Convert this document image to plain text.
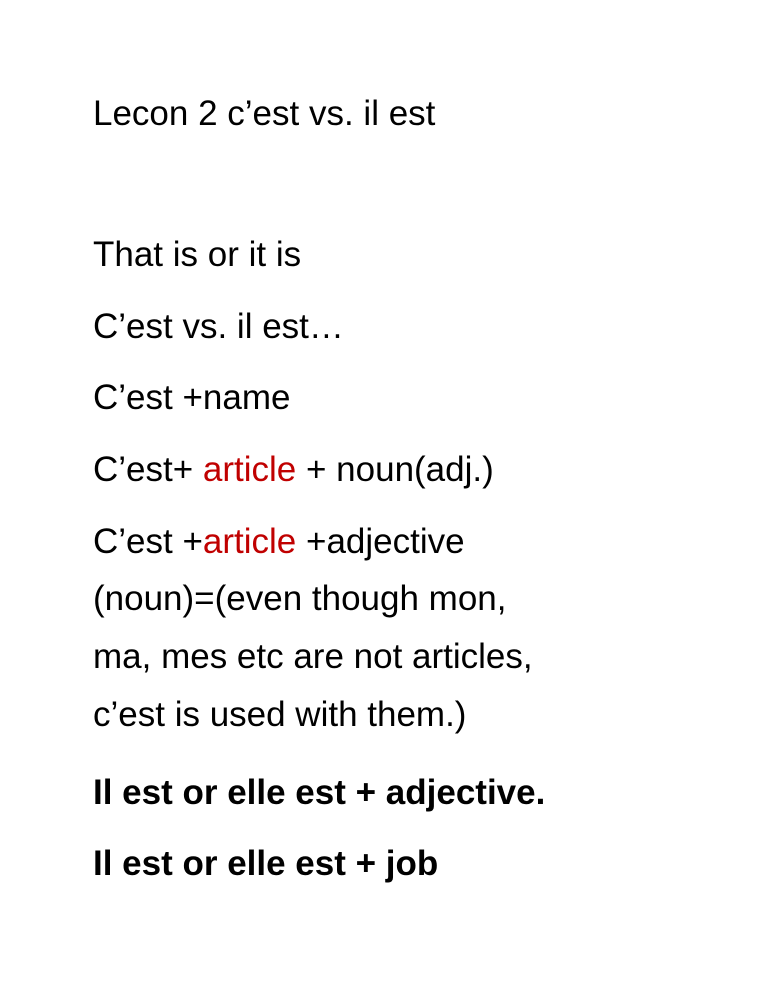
Lecon 2 c’est vs. il est

That is or it is

C’est vs. il est…

C’est +name

C’est+ article + noun(adj.)

C’est +article +adjective

(noun)=(even though mon,

ma, mes etc are not articles,

c’est is used with them.)

Il est or elle est + adjective.

Il est or elle est + job
